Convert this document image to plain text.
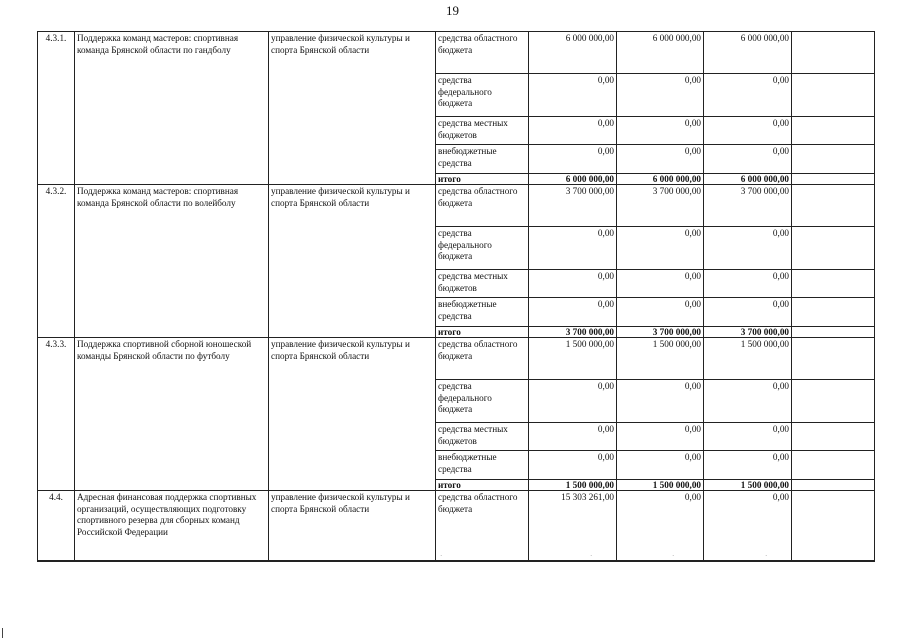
19
4.3.1.	Поддержка команд мастеров: спортивная команда Брянской области по гандболу	управление физической культуры и спорта Брянской области	средства областного бюджета	6 000 000,00	6 000 000,00	6 000 000,00	
			средства федерального бюджета	0,00	0,00	0,00	
			средства местных бюджетов	0,00	0,00	0,00	
			внебюджетные средства	0,00	0,00	0,00	
			итого	6 000 000,00	6 000 000,00	6 000 000,00	
4.3.2.	Поддержка команд мастеров: спортивная команда Брянской области по волейболу	управление физической культуры и спорта Брянской области	средства областного бюджета	3 700 000,00	3 700 000,00	3 700 000,00	
			средства федерального бюджета	0,00	0,00	0,00	
			средства местных бюджетов	0,00	0,00	0,00	
			внебюджетные средства	0,00	0,00	0,00	
			итого	3 700 000,00	3 700 000,00	3 700 000,00	
4.3.3.	Поддержка спортивной сборной юношеской команды Брянской области по футболу	управление физической культуры и спорта Брянской области	средства областного бюджета	1 500 000,00	1 500 000,00	1 500 000,00	
			средства федерального бюджета	0,00	0,00	0,00	
			средства местных бюджетов	0,00	0,00	0,00	
			внебюджетные средства	0,00	0,00	0,00	
			итого	1 500 000,00	1 500 000,00	1 500 000,00	
4.4.	Адресная финансовая поддержка спортивных организаций, осуществляющих подготовку спортивного резерва для сборных команд Российской Федерации	управление физической культуры и спорта Брянской области	средства областного бюджета	15 303 261,00	0,00	0,00	
·	·	·	·
